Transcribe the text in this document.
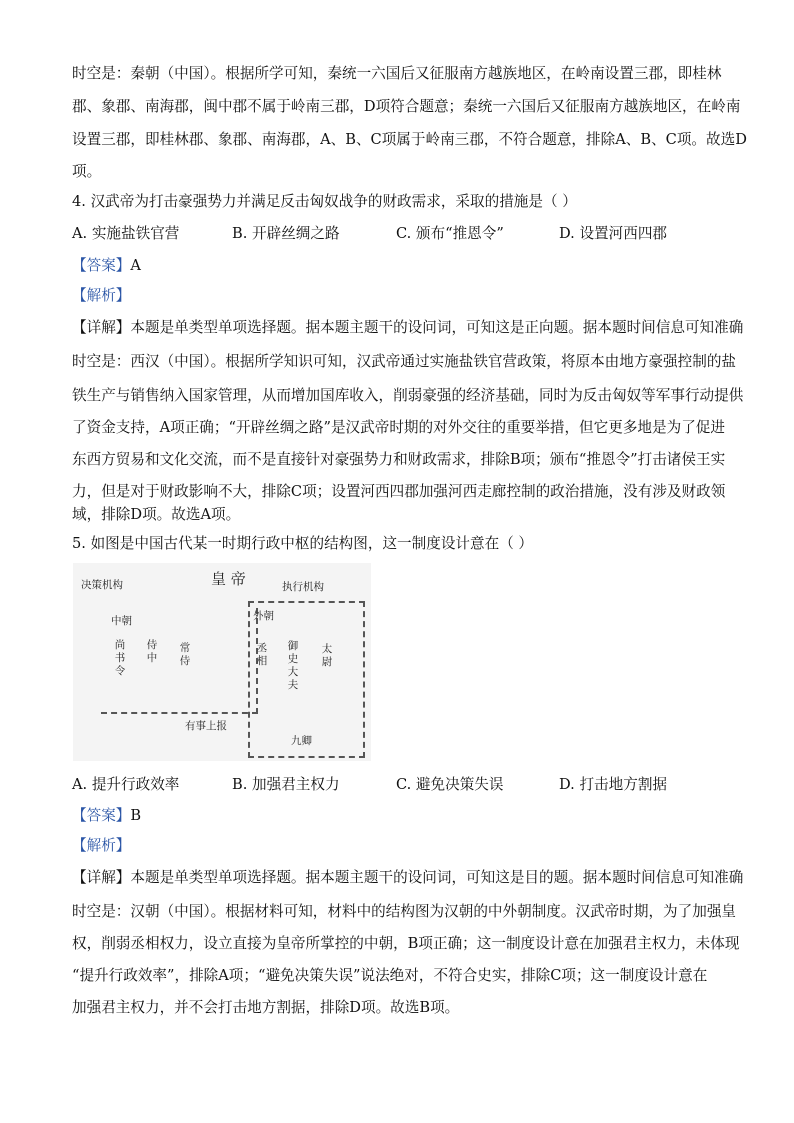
时空是：秦朝（中国）。根据所学可知，秦统一六国后又征服南方越族地区，在岭南设置三郡，即桂林
郡、象郡、南海郡，闽中郡不属于岭南三郡，D项符合题意；秦统一六国后又征服南方越族地区，在岭南
设置三郡，即桂林郡、象郡、南海郡，A、B、C项属于岭南三郡，不符合题意，排除A、B、C项。故选D
项。
4. 汉武帝为打击豪强势力并满足反击匈奴战争的财政需求，采取的措施是（ ）
A. 实施盐铁官营	B. 开辟丝绸之路	C. 颁布“推恩令”	D. 设置河西四郡
【答案】A
【解析】
【详解】本题是单类型单项选择题。据本题主题干的设问词，可知这是正向题。据本题时间信息可知准确
时空是：西汉（中国）。根据所学知识可知，汉武帝通过实施盐铁官营政策，将原本由地方豪强控制的盐
铁生产与销售纳入国家管理，从而增加国库收入，削弱豪强的经济基础，同时为反击匈奴等军事行动提供
了资金支持，A项正确；“开辟丝绸之路”是汉武帝时期的对外交往的重要举措，但它更多地是为了促进
东西方贸易和文化交流，而不是直接针对豪强势力和财政需求，排除B项；颁布“推恩令”打击诸侯王实
力，但是对于财政影响不大，排除C项；设置河西四郡加强河西走廊控制的政治措施，没有涉及财政领
域，排除D项。故选A项。
5. 如图是中国古代某一时期行政中枢的结构图，这一制度设计意在（ ）
皇 帝
决策机构	执行机构
中朝	外朝
尚书令
侍中
常侍
丞相
御史大夫
太尉
有事上报
九卿
A. 提升行政效率	B. 加强君主权力	C. 避免决策失误	D. 打击地方割据
【答案】B
【解析】
【详解】本题是单类型单项选择题。据本题主题干的设问词，可知这是目的题。据本题时间信息可知准确
时空是：汉朝（中国）。根据材料可知，材料中的结构图为汉朝的中外朝制度。汉武帝时期，为了加强皇
权，削弱丞相权力，设立直接为皇帝所掌控的中朝，B项正确；这一制度设计意在加强君主权力，未体现
“提升行政效率”，排除A项；“避免决策失误”说法绝对，不符合史实，排除C项；这一制度设计意在
加强君主权力，并不会打击地方割据，排除D项。故选B项。
